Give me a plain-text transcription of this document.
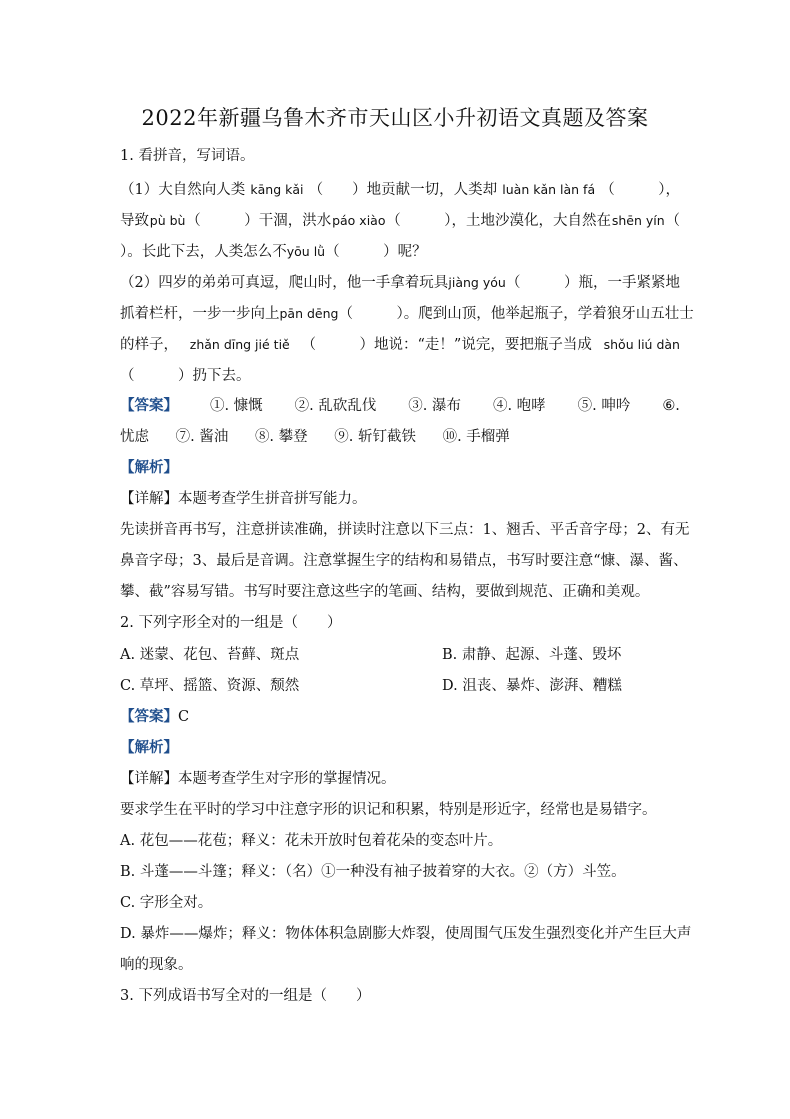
2022年新疆乌鲁木齐市天山区小升初语文真题及答案
1. 看拼音，写词语。
（1）大自然向人类 kāng kǎi （　　）地贡献一切，人类却 luàn kǎn làn fá （　　　），
导致 pù bù （　　　）干涸，洪水 páo xiào （　　　），土地沙漠化，大自然在 shēn yín （
）。长此下去，人类怎么不yōu lǜ（　　　）呢？
（2）四岁的弟弟可真逗，爬山时，他一手拿着玩具 jiàng yóu （　　　）瓶，一手紧紧地
抓着栏杆，一步一步向上 pān dēng （　　　）。爬到山顶，他举起瓶子，学着狼牙山五壮士
的样子， zhǎn dīng jié tiě （　　　）地说：“走！”说完，要把瓶子当成 shǒu liú dàn
（　　　）扔下去。
【答案】 ①. 慷慨 ②. 乱砍乱伐 ③. 瀑布 ④. 咆哮 ⑤. 呻吟 ⑥.
忧虑 ⑦. 酱油 ⑧. 攀登 ⑨. 斩钉截铁 ⑩. 手榴弹
【解析】
【详解】本题考查学生拼音拼写能力。
先读拼音再书写，注意拼读准确，拼读时注意以下三点：1、翘舌、平舌音字母；2、有无
鼻音字母；3、最后是音调。注意掌握生字的结构和易错点，书写时要注意“慷、瀑、酱、
攀、截”容易写错。书写时要注意这些字的笔画、结构，要做到规范、正确和美观。
2. 下列字形全对的一组是（　　）
A. 迷蒙、花包、苔藓、斑点	B. 肃静、起源、斗蓬、毁坏
C. 草坪、摇篮、资源、颓然	D. 沮丧、暴炸、澎湃、糟糕
【答案】C
【解析】
【详解】本题考查学生对字形的掌握情况。
要求学生在平时的学习中注意字形的识记和积累，特别是形近字，经常也是易错字。
A. 花包——花苞；释义：花未开放时包着花朵的变态叶片。
B. 斗蓬——斗篷；释义：（名）①一种没有袖子披着穿的大衣。②（方）斗笠。
C. 字形全对。
D. 暴炸——爆炸；释义：物体体积急剧膨大炸裂，使周围气压发生强烈变化并产生巨大声
响的现象。
3. 下列成语书写全对的一组是（　　）
